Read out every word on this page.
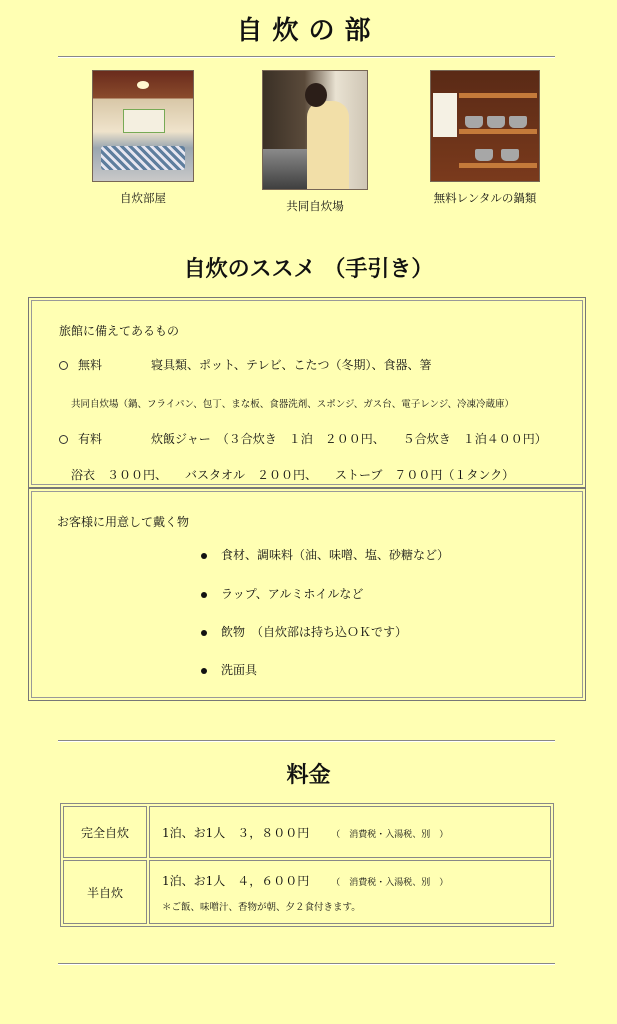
自炊の部
自炊部屋
共同自炊場
無料レンタルの鍋類
自炊のススメ （手引き）
旅館に備えてあるもの
無料	寝具類、ポット、テレビ、こたつ（冬期）、食器、箸
共同自炊場（鍋、フライパン、包丁、まな板、食器洗剤、スポンジ、ガス台、電子レンジ、冷凍冷蔵庫）
有料	炊飯ジャー　（３合炊き　１泊　２００円、　　５合炊き　１泊４００円）
浴衣　３００円、　　バスタオル　２００円、　　ストーブ　７００円（１タンク）
お客様に用意して戴く物
食材、調味料（油、味噌、塩、砂糖など）
ラップ、アルミホイルなど
飲物　（自炊部は持ち込ＯＫです）
洗面具
料金
完全自炊	1泊、お1人　３，８００円 （　消費税・入湯税、別　）
半自炊	1泊、お1人　４，６００円 （　消費税・入湯税、別　）
＊ご飯、味噌汁、香物が朝、夕２食付きます。
